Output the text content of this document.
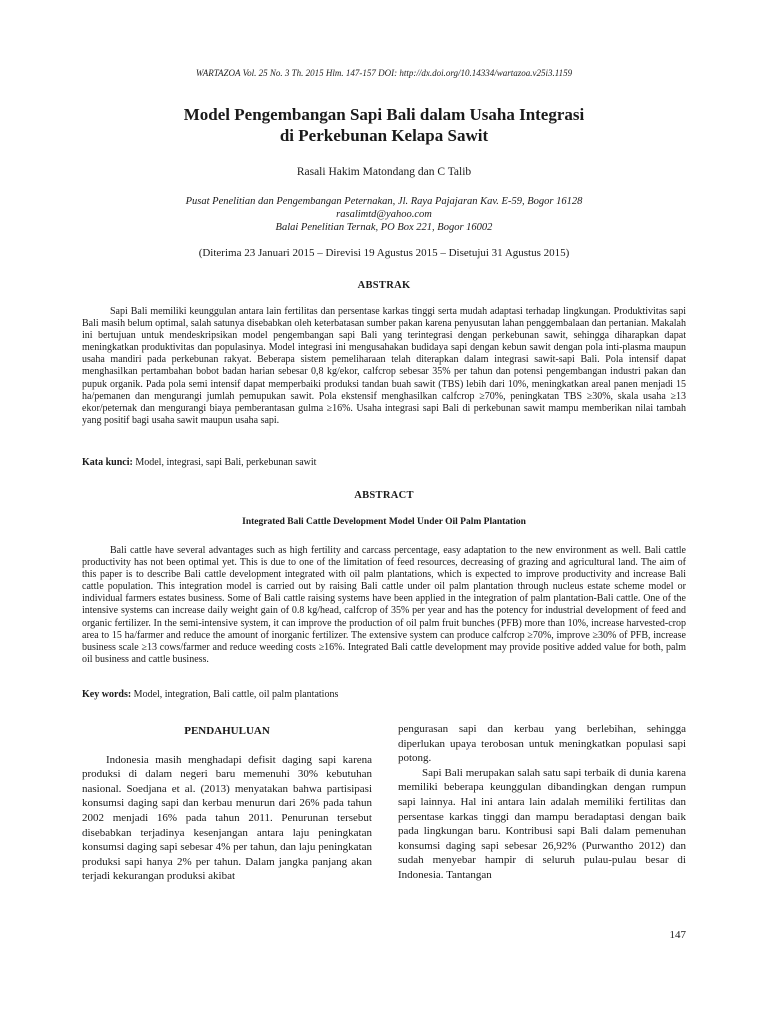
WARTAZOA Vol. 25 No. 3 Th. 2015 Hlm. 147-157 DOI: http://dx.doi.org/10.14334/wartazoa.v25i3.1159
Model Pengembangan Sapi Bali dalam Usaha Integrasi
di Perkebunan Kelapa Sawit
Rasali Hakim Matondang dan C Talib
Pusat Penelitian dan Pengembangan Peternakan, Jl. Raya Pajajaran Kav. E-59, Bogor 16128
rasalimtd@yahoo.com
Balai Penelitian Ternak, PO Box 221, Bogor 16002
(Diterima 23 Januari 2015 – Direvisi 19 Agustus 2015 – Disetujui 31 Agustus 2015)
ABSTRAK

Sapi Bali memiliki keunggulan antara lain fertilitas dan persentase karkas tinggi serta mudah adaptasi terhadap lingkungan. Produktivitas sapi Bali masih belum optimal, salah satunya disebabkan oleh keterbatasan sumber pakan karena penyusutan lahan penggembalaan dan pertanian. Makalah ini bertujuan untuk mendeskripsikan model pengembangan sapi Bali yang terintegrasi dengan perkebunan sawit, sehingga diharapkan dapat meningkatkan produktivitas dan populasinya. Model integrasi ini mengusahakan budidaya sapi dengan kebun sawit dengan pola inti-plasma maupun usaha mandiri pada perkebunan rakyat. Beberapa sistem pemeliharaan telah diterapkan dalam integrasi sawit-sapi Bali. Pola intensif dapat menghasilkan pertambahan bobot badan harian sebesar 0,8 kg/ekor, calfcrop sebesar 35% per tahun dan potensi pengembangan industri pakan dan pupuk organik. Pada pola semi intensif dapat memperbaiki produksi tandan buah sawit (TBS) lebih dari 10%, meningkatkan areal panen menjadi 15 ha/pemanen dan mengurangi jumlah pemupukan sawit. Pola ekstensif menghasilkan calfcrop ≥70%, peningkatan TBS ≥30%, skala usaha ≥13 ekor/peternak dan mengurangi biaya pemberantasan gulma ≥16%. Usaha integrasi sapi Bali di perkebunan sawit mampu memberikan nilai tambah yang positif bagi usaha sawit maupun usaha sapi.

Kata kunci: Model, integrasi, sapi Bali, perkebunan sawit
ABSTRACT
Integrated Bali Cattle Development Model Under Oil Palm Plantation

Bali cattle have several advantages such as high fertility and carcass percentage, easy adaptation to the new environment as well. Bali cattle productivity has not been optimal yet. This is due to one of the limitation of feed resources, decreasing of grazing and agricultural land. The aim of this paper is to describe Bali cattle development integrated with oil palm plantations, which is expected to improve productivity and increase Bali cattle population. This integration model is carried out by raising Bali cattle under oil palm plantation through nucleus estate scheme model or individual farmers estates business. Some of Bali cattle raising systems have been applied in the integration of palm plantation-Bali cattle. One of the intensive systems can increase daily weight gain of 0.8 kg/head, calfcrop of 35% per year and has the potency for industrial development of feed and organic fertilizer. In the semi-intensive system, it can improve the production of oil palm fruit bunches (PFB) more than 10%, increase harvested-crop area to 15 ha/farmer and reduce the amount of inorganic fertilizer. The extensive system can produce calfcrop ≥70%, improve ≥30% of PFB, increase business scale ≥13 cows/farmer and reduce weeding costs ≥16%. Integrated Bali cattle development may provide positive added value for both, palm oil business and cattle business.

Key words: Model, integration, Bali cattle, oil palm plantations

PENDAHULUAN

Indonesia masih menghadapi defisit daging sapi karena produksi di dalam negeri baru memenuhi 30% kebutuhan nasional. Soedjana et al. (2013) menyatakan bahwa partisipasi konsumsi daging sapi dan kerbau menurun dari 26% pada tahun 2002 menjadi 16% pada tahun 2011. Penurunan tersebut disebabkan terjadinya kesenjangan antara laju peningkatan konsumsi daging sapi sebesar 4% per tahun, dan laju peningkatan produksi sapi hanya 2% per tahun. Dalam jangka panjang akan terjadi kekurangan produksi akibat

pengurasan sapi dan kerbau yang berlebihan, sehingga diperlukan upaya terobosan untuk meningkatkan populasi sapi potong.

Sapi Bali merupakan salah satu sapi terbaik di dunia karena memiliki beberapa keunggulan dibandingkan dengan rumpun sapi lainnya. Hal ini antara lain adalah memiliki fertilitas dan persentase karkas tinggi dan mampu beradaptasi dengan baik pada lingkungan baru. Kontribusi sapi Bali dalam pemenuhan konsumsi daging sapi sebesar 26,92% (Purwantho 2012) dan sudah menyebar hampir di seluruh pulau-pulau besar di Indonesia. Tantangan

147
